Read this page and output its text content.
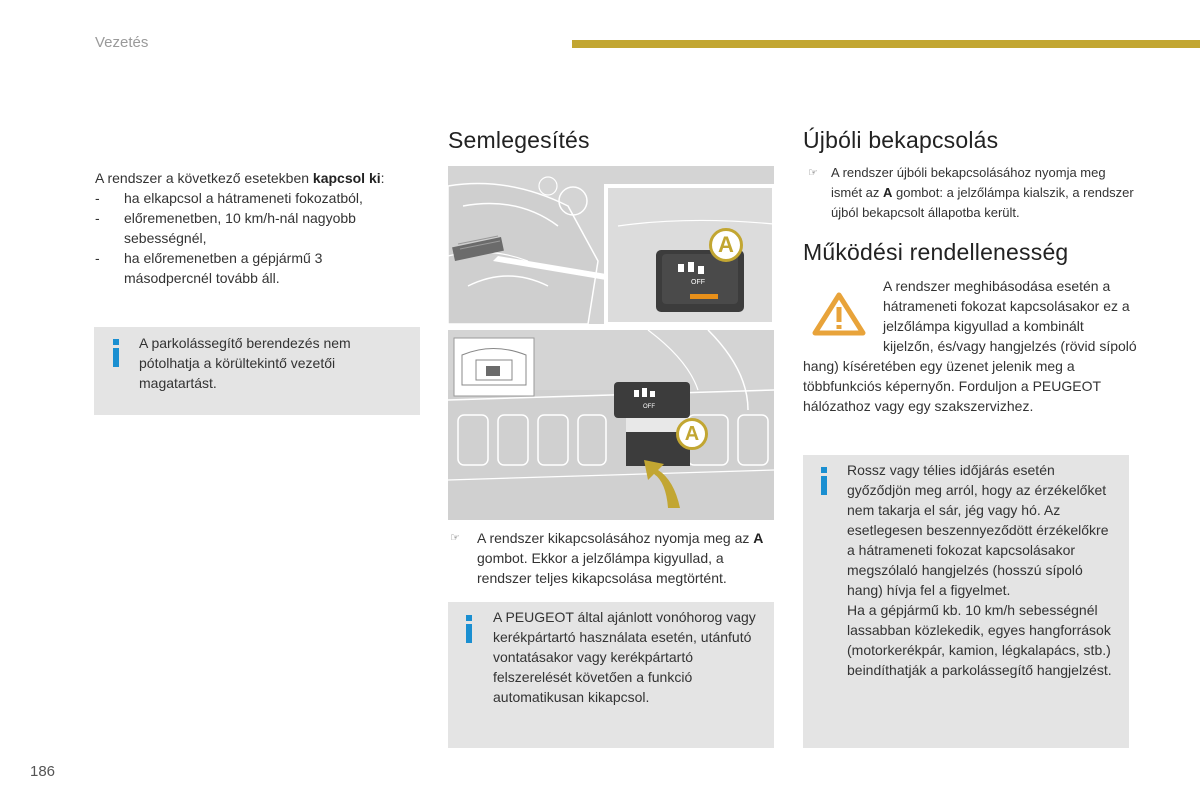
Vezetés
A rendszer a következő esetekben kapcsol ki:
- ha elkapcsol a hátrameneti fokozatból,
- előremenetben, 10 km/h-nál nagyobb sebességnél,
- ha előremenetben a gépjármű 3 másodpercnél tovább áll.
A parkolássegítő berendezés nem pótolhatja a körültekintő vezetői magatartást.
Semlegesítés
OFF
A
OFF
A
☞ A rendszer kikapcsolásához nyomja meg az A gombot. Ekkor a jelzőlámpa kigyullad, a rendszer teljes kikapcsolása megtörtént.
A PEUGEOT által ajánlott vonóhorog vagy kerékpártartó használata esetén, utánfutó vontatásakor vagy kerékpártartó felszerelését követően a funkció automatikusan kikapcsol.
Újbóli bekapcsolás
☞ A rendszer újbóli bekapcsolásához nyomja meg ismét az A gombot: a jelzőlámpa kialszik, a rendszer újból bekapcsolt állapotba került.
Működési rendellenesség
A rendszer meghibásodása esetén a hátrameneti fokozat kapcsolásakor ez a jelzőlámpa kigyullad a kombinált kijelzőn, és/vagy hangjelzés (rövid sípoló hang) kíséretében egy üzenet jelenik meg a többfunkciós képernyőn. Forduljon a PEUGEOT hálózathoz vagy egy szakszervizhez.
Rossz vagy télies időjárás esetén győződjön meg arról, hogy az érzékelőket nem takarja el sár, jég vagy hó. Az esetlegesen beszennyeződött érzékelőkre a hátrameneti fokozat kapcsolásakor megszólaló hangjelzés (hosszú sípoló hang) hívja fel a figyelmet.
Ha a gépjármű kb. 10 km/h sebességnél lassabban közlekedik, egyes hangforrások (motorkerékpár, kamion, légkalapács, stb.) beindíthatják a parkolássegítő hangjelzést.
186
